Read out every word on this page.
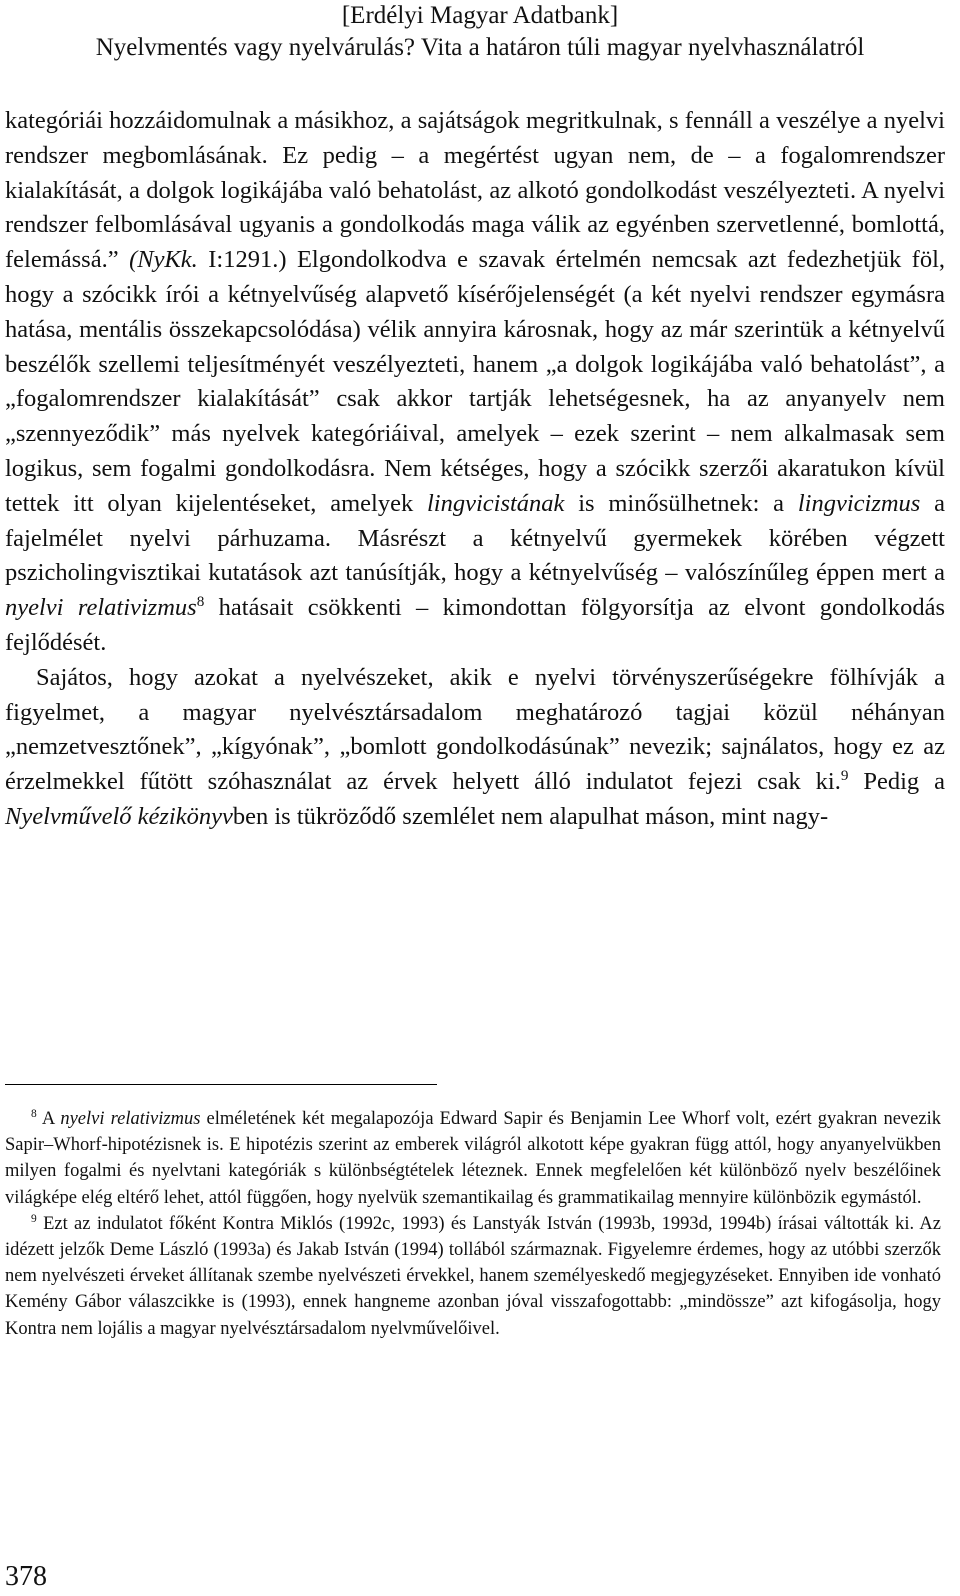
[Erdélyi Magyar Adatbank]
Nyelvmentés vagy nyelvárulás? Vita a határon túli magyar nyelvhasználatról

kategóriái hozzáidomulnak a másikhoz, a sajátságok megritkulnak, s fennáll a veszélye a nyelvi rendszer megbomlásának. Ez pedig – a megértést ugyan nem, de – a fogalomrendszer kialakítását, a dolgok logikájába való behatolást, az alkotó gondolkodást veszélyezteti. A nyelvi rendszer felbomlásával ugyanis a gondolkodás maga válik az egyénben szervetlenné, bomlottá, felemássá.” (NyKk. I:1291.) Elgondolkodva e szavak értelmén nemcsak azt fedezhetjük föl, hogy a szócikk írói a kétnyelvűség alapvető kísérőjelenségét (a két nyelvi rendszer egymásra hatása, mentális összekapcsolódása) vélik annyira károsnak, hogy az már szerintük a kétnyelvű beszélők szellemi teljesítményét veszélyezteti, hanem „a dolgok logikájába való behatolást”, a „fogalomrendszer kialakítását” csak akkor tartják lehetségesnek, ha az anyanyelv nem „szennyeződik” más nyelvek kategóriáival, amelyek – ezek szerint – nem alkalmasak sem logikus, sem fogalmi gondolkodásra. Nem kétséges, hogy a szócikk szerzői akaratukon kívül tettek itt olyan kijelentéseket, amelyek lingvicistának is minősülhetnek: a lingvicizmus a fajelmélet nyelvi párhuzama. Másrészt a kétnyelvű gyermekek körében végzett pszicholingvisztikai kutatások azt tanúsítják, hogy a kétnyelvűség – valószínűleg éppen mert a nyelvi relativizmus$^8$ hatásait csökkenti – kimondottan fölgyorsítja az elvont gondolkodás fejlődését.

Sajátos, hogy azokat a nyelvészeket, akik e nyelvi törvényszerűségekre fölhívják a figyelmet, a magyar nyelvésztársadalom meghatározó tagjai közül néhányan „nemzetvesztőnek”, „kígyónak”, „bomlott gondolkodásúnak” nevezik; sajnálatos, hogy ez az érzelmekkel fűtött szóhasználat az érvek helyett álló indulatot fejezi csak ki.$^9$ Pedig a Nyelvművelő kézikönyvben is tükröződő szemlélet nem alapulhat máson, mint nagy-

$^8$ A nyelvi relativizmus elméletének két megalapozója Edward Sapir és Benjamin Lee Whorf volt, ezért gyakran nevezik Sapir–Whorf-hipotézisnek is. E hipotézis szerint az emberek világról alkotott képe gyakran függ attól, hogy anyanyelvükben milyen fogalmi és nyelvtani kategóriák s különbségtételek léteznek. Ennek megfelelően két különböző nyelv beszélőinek világképe elég eltérő lehet, attól függően, hogy nyelvük szemantikailag és grammatikailag mennyire különbözik egymástól.

$^9$ Ezt az indulatot főként Kontra Miklós (1992c, 1993) és Lanstyák István (1993b, 1993d, 1994b) írásai váltották ki. Az idézett jelzők Deme László (1993a) és Jakab István (1994) tollából származnak. Figyelemre érdemes, hogy az utóbbi szerzők nem nyelvészeti érveket állítanak szembe nyelvészeti érvekkel, hanem személyeskedő megjegyzéseket. Ennyiben ide vonható Kemény Gábor válaszcikke is (1993), ennek hangneme azonban jóval visszafogottabb: „mindössze” azt kifogásolja, hogy Kontra nem lojális a magyar nyelvésztársadalom nyelvművelőivel.

378
